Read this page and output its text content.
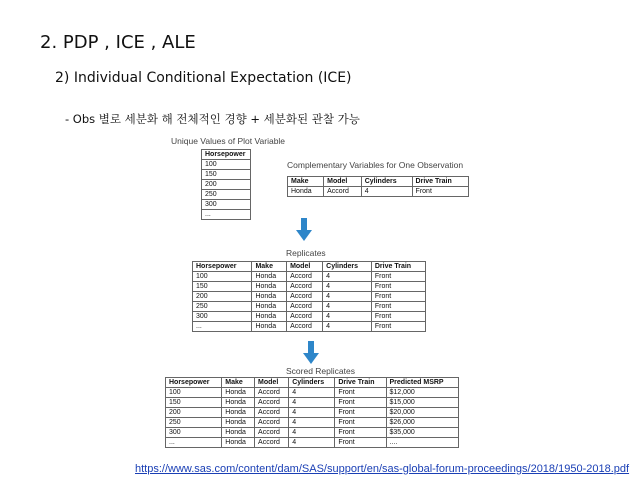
2. PDP , ICE , ALE
2) Individual Conditional Expectation (ICE)
- Obs 별로 세분화 해 전체적인 경향 + 세분화된 관찰 가능
Unique Values of Plot Variable
Horsepower
100
150
200
250
300
...
Complementary Variables for One Observation
Make	Model	Cylinders	Drive Train
Honda	Accord	4	Front
Replicates
Horsepower	Make	Model	Cylinders	Drive Train
100	Honda	Accord	4	Front
150	Honda	Accord	4	Front
200	Honda	Accord	4	Front
250	Honda	Accord	4	Front
300	Honda	Accord	4	Front
...	Honda	Accord	4	Front
Scored Replicates
Horsepower	Make	Model	Cylinders	Drive Train	Predicted MSRP
100	Honda	Accord	4	Front	$12,000
150	Honda	Accord	4	Front	$15,000
200	Honda	Accord	4	Front	$20,000
250	Honda	Accord	4	Front	$26,000
300	Honda	Accord	4	Front	$35,000
...	Honda	Accord	4	Front	....
https://www.sas.com/content/dam/SAS/support/en/sas-global-forum-proceedings/2018/1950-2018.pdf
